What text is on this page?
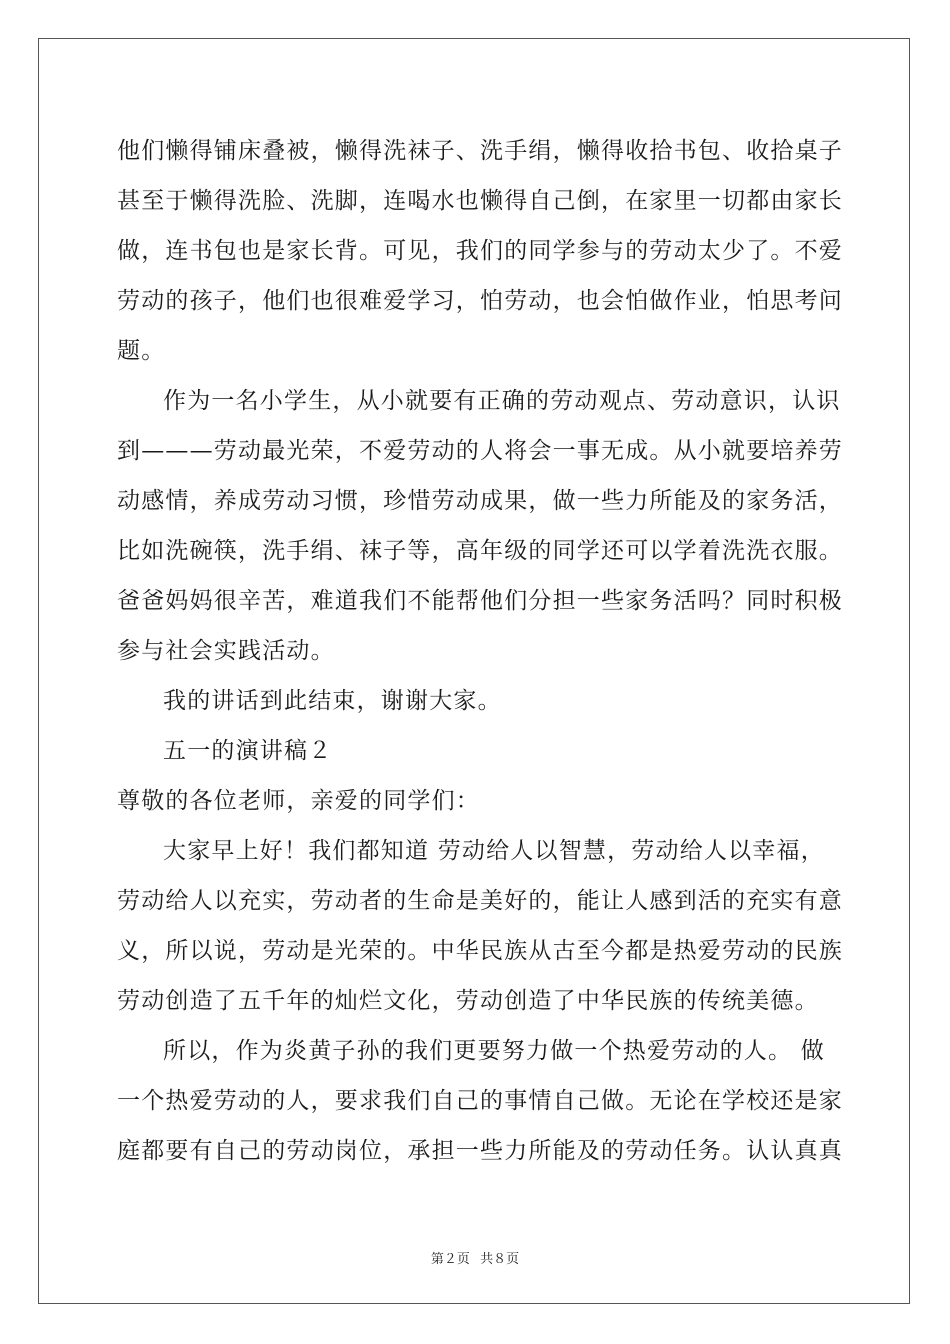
他们懒得铺床叠被，懒得洗袜子、洗手绢，懒得收拾书包、收拾桌子
甚至于懒得洗脸、洗脚，连喝水也懒得自己倒，在家里一切都由家长
做，连书包也是家长背。可见，我们的同学参与的劳动太少了。不爱
劳动的孩子，他们也很难爱学习，怕劳动，也会怕做作业，怕思考问
题。
作为一名小学生，从小就要有正确的劳动观点、劳动意识，认识
到———劳动最光荣，不爱劳动的人将会一事无成。从小就要培养劳
动感情，养成劳动习惯，珍惜劳动成果，做一些力所能及的家务活，
比如洗碗筷，洗手绢、袜子等，高年级的同学还可以学着洗洗衣服。
爸爸妈妈很辛苦，难道我们不能帮他们分担一些家务活吗？同时积极
参与社会实践活动。
我的讲话到此结束，谢谢大家。
五一的演讲稿２
尊敬的各位老师，亲爱的同学们：
大家早上好！我们都知道 劳动给人以智慧，劳动给人以幸福，
劳动给人以充实，劳动者的生命是美好的，能让人感到活的充实有意
义，所以说，劳动是光荣的。中华民族从古至今都是热爱劳动的民族
劳动创造了五千年的灿烂文化，劳动创造了中华民族的传统美德。
所以，作为炎黄子孙的我们更要努力做一个热爱劳动的人。 做
一个热爱劳动的人，要求我们自己的事情自己做。无论在学校还是家
庭都要有自己的劳动岗位，承担一些力所能及的劳动任务。认认真真
第２页 共８页
